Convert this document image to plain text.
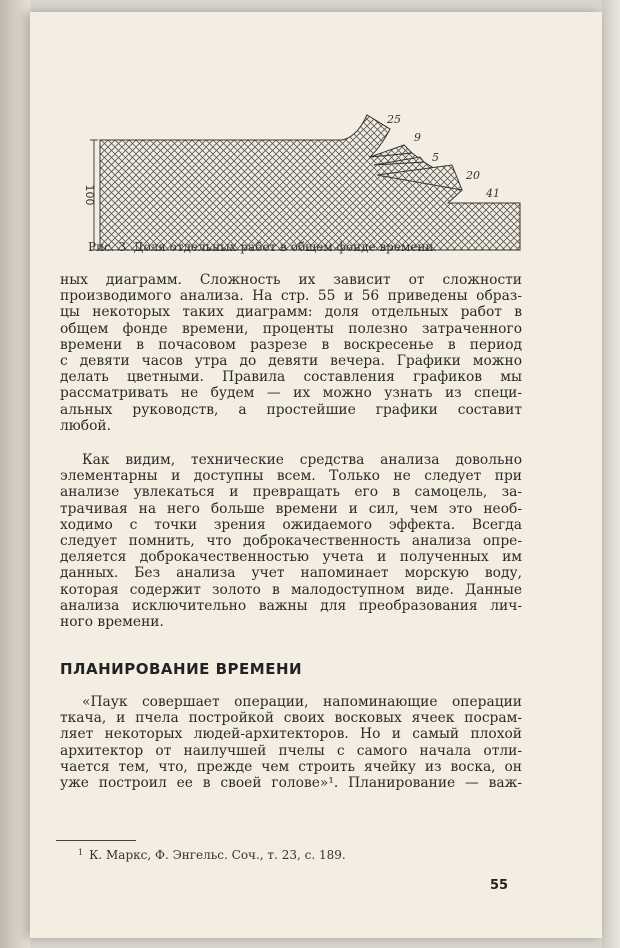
100
25
9
5
20
41
Рис. 3. Доля отдельных работ в общем фонде времени.
ных диаграмм. Сложность их зависит от сложности
производимого анализа. На стр. 55 и 56 приведены образ-
цы некоторых таких диаграмм: доля отдельных работ в
общем фонде времени, проценты полезно затраченного
времени в почасовом разрезе в воскресенье в период
с девяти часов утра до девяти вечера. Графики можно
делать цветными. Правила составления графиков мы
рассматривать не будем — их можно узнать из специ-
альных руководств, а простейшие графики составит
любой.
Как видим, технические средства анализа довольно
элементарны и доступны всем. Только не следует при
анализе увлекаться и превращать его в самоцель, за-
трачивая на него больше времени и сил, чем это необ-
ходимо с точки зрения ожидаемого эффекта. Всегда
следует помнить, что доброкачественность анализа опре-
деляется доброкачественностью учета и полученных им
данных. Без анализа учет напоминает морскую воду,
которая содержит золото в малодоступном виде. Данные
анализа исключительно важны для преобразования лич-
ного времени.
ПЛАНИРОВАНИЕ ВРЕМЕНИ
«Паук совершает операции, напоминающие операции
ткача, и пчела постройкой своих восковых ячеек посрам-
ляет некоторых людей-архитекторов. Но и самый плохой
архитектор от наилучшей пчелы с самого начала отли-
чается тем, что, прежде чем строить ячейку из воска, он
уже построил ее в своей голове»¹. Планирование — важ-
$^1$ К. Маркс, Ф. Энгельс. Соч., т. 23, с. 189.
55
